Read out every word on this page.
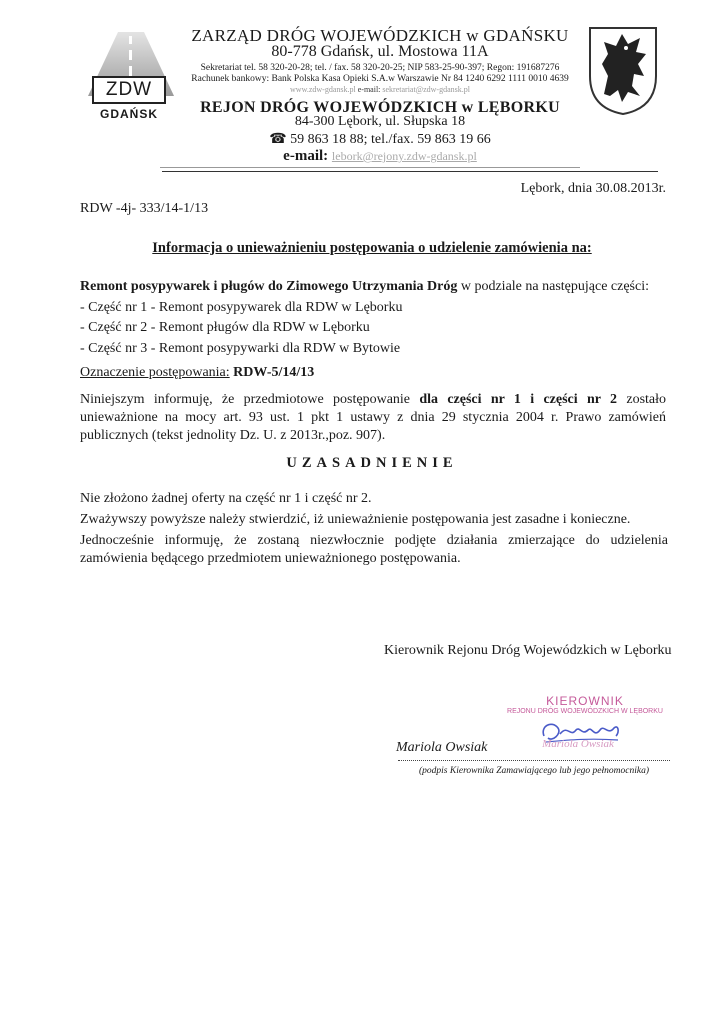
ZDW
GDAŃSK
ZARZĄD DRÓG WOJEWÓDZKICH w GDAŃSKU
80-778 Gdańsk, ul. Mostowa 11A
Sekretariat tel. 58 320-20-28; tel. / fax. 58 320-20-25; NIP 583-25-90-397; Regon: 191687276
Rachunek bankowy: Bank Polska Kasa Opieki S.A.w Warszawie Nr 84 1240 6292 1111 0010 4639
www.zdw-gdansk.pl e-mail: sekretariat@zdw-gdansk.pl
REJON DRÓG WOJEWÓDZKICH w LĘBORKU
84-300 Lębork, ul. Słupska 18
☎ 59 863 18 88; tel./fax. 59 863 19 66
e-mail: lebork@rejony.zdw-gdansk.pl
Lębork, dnia 30.08.2013r.
RDW -4j- 333/14-1/13
Informacja o unieważnieniu postępowania o udzielenie zamówienia na:
Remont posypywarek i pługów do Zimowego Utrzymania Dróg w podziale na następujące części:
- Część nr 1 - Remont posypywarek dla RDW w Lęborku
- Część nr 2 - Remont pługów dla RDW w Lęborku
- Część nr 3 - Remont posypywarki dla RDW w Bytowie
Oznaczenie postępowania: RDW-5/14/13
Niniejszym informuję, że przedmiotowe postępowanie dla części nr 1 i części nr 2 zostało unieważnione na mocy art. 93 ust. 1 pkt 1 ustawy z dnia 29 stycznia 2004 r. Prawo zamówień publicznych (tekst jednolity Dz. U. z 2013r.,poz. 907).
UZASADNIENIE
Nie złożono żadnej oferty na część nr 1 i część nr 2.
Zważywszy powyższe należy stwierdzić, iż unieważnienie postępowania jest zasadne i konieczne.
Jednocześnie informuję, że zostaną niezwłocznie podjęte działania zmierzające do udzielenia zamówienia będącego przedmiotem unieważnionego postępowania.
Kierownik Rejonu Dróg Wojewódzkich w Lęborku
KIEROWNIK
REJONU DRÓG WOJEWÓDZKICH W LĘBORKU
Mariola Owsiak
Mariola Owsiak
(podpis Kierownika Zamawiającego lub jego pełnomocnika)
